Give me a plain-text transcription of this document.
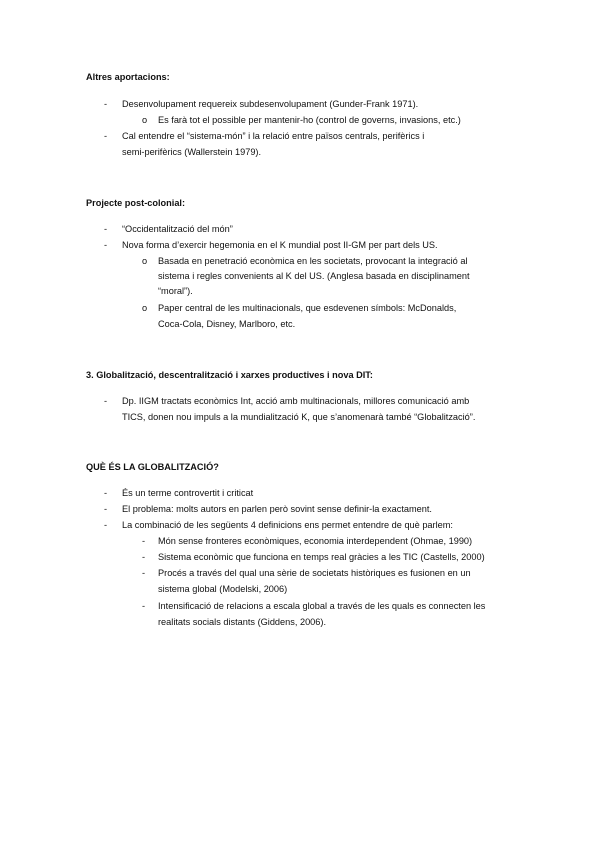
Altres aportacions:
- Desenvolupament requereix subdesenvolupament (Gunder-Frank 1971).
o Es farà tot el possible per mantenir-ho (control de governs, invasions, etc.)
- Cal entendre el “sistema-món” i la relació entre països centrals, perifèrics i
semi-perifèrics (Wallerstein 1979).
Projecte post-colonial:
- “Occidentalització del món”
- Nova forma d’exercir hegemonia en el K mundial post II-GM per part dels US.
o Basada en penetració econòmica en les societats, provocant la integració al
sistema i regles convenients al K del US. (Anglesa basada en disciplinament
“moral”).
o Paper central de les multinacionals, que esdevenen símbols: McDonalds,
Coca-Cola, Disney, Marlboro, etc.
3. Globalització, descentralització i xarxes productives i nova DIT:
- Dp. IIGM tractats econòmics Int, acció amb multinacionals, millores comunicació amb
TICS, donen nou impuls a la mundialització K, que s’anomenarà també “Globalització”.
QUÈ ÉS LA GLOBALITZACIÓ?
- És un terme controvertit i criticat
- El problema: molts autors en parlen però sovint sense definir-la exactament.
- La combinació de les següents 4 definicions ens permet entendre de què parlem:
- Món sense fronteres econòmiques, economia interdependent (Ohmae, 1990)
- Sistema econòmic que funciona en temps real gràcies a les TIC (Castells, 2000)
- Procés a través del qual una sèrie de societats històriques es fusionen en un
sistema global (Modelski, 2006)
- Intensificació de relacions a escala global a través de les quals es connecten les
realitats socials distants (Giddens, 2006).
